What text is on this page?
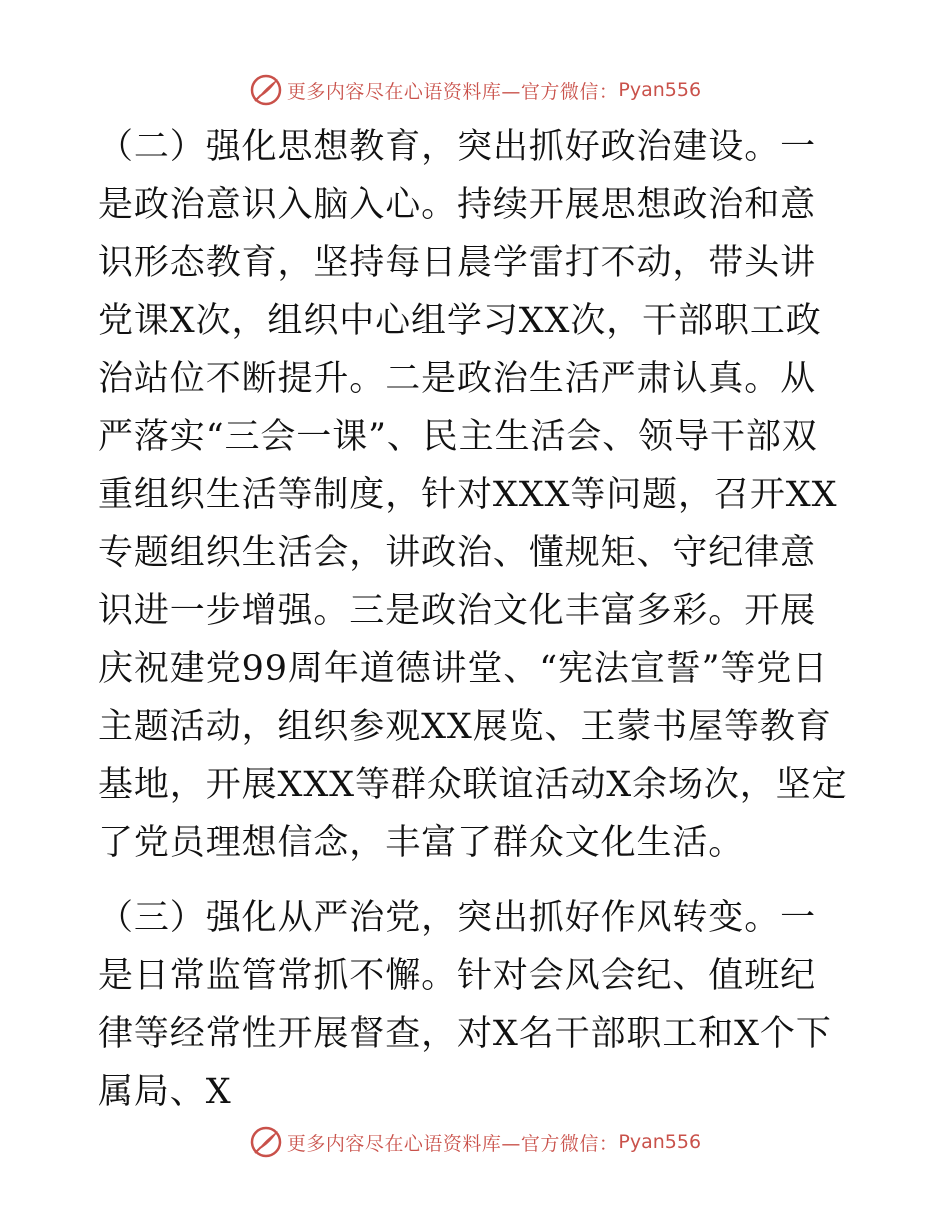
更多内容尽在心语资料库—官方微信： Pyan556

（二）强化思想教育，突出抓好政治建设。一是政治意识入脑入心。持续开展思想政治和意识形态教育，坚持每日晨学雷打不动，带头讲党课X次，组织中心组学习XX次，干部职工政治站位不断提升。二是政治生活严肃认真。从严落实“三会一课”、民主生活会、领导干部双重组织生活等制度，针对XXX等问题，召开XX专题组织生活会，讲政治、懂规矩、守纪律意识进一步增强。三是政治文化丰富多彩。开展庆祝建党99周年道德讲堂、“宪法宣誓”等党日主题活动，组织参观XX展览、王蒙书屋等教育基地，开展XXX等群众联谊活动X余场次，坚定了党员理想信念，丰富了群众文化生活。

（三）强化从严治党，突出抓好作风转变。一是日常监管常抓不懈。针对会风会纪、值班纪律等经常性开展督查，对X名干部职工和X个下属局、X

更多内容尽在心语资料库—官方微信： Pyan556
